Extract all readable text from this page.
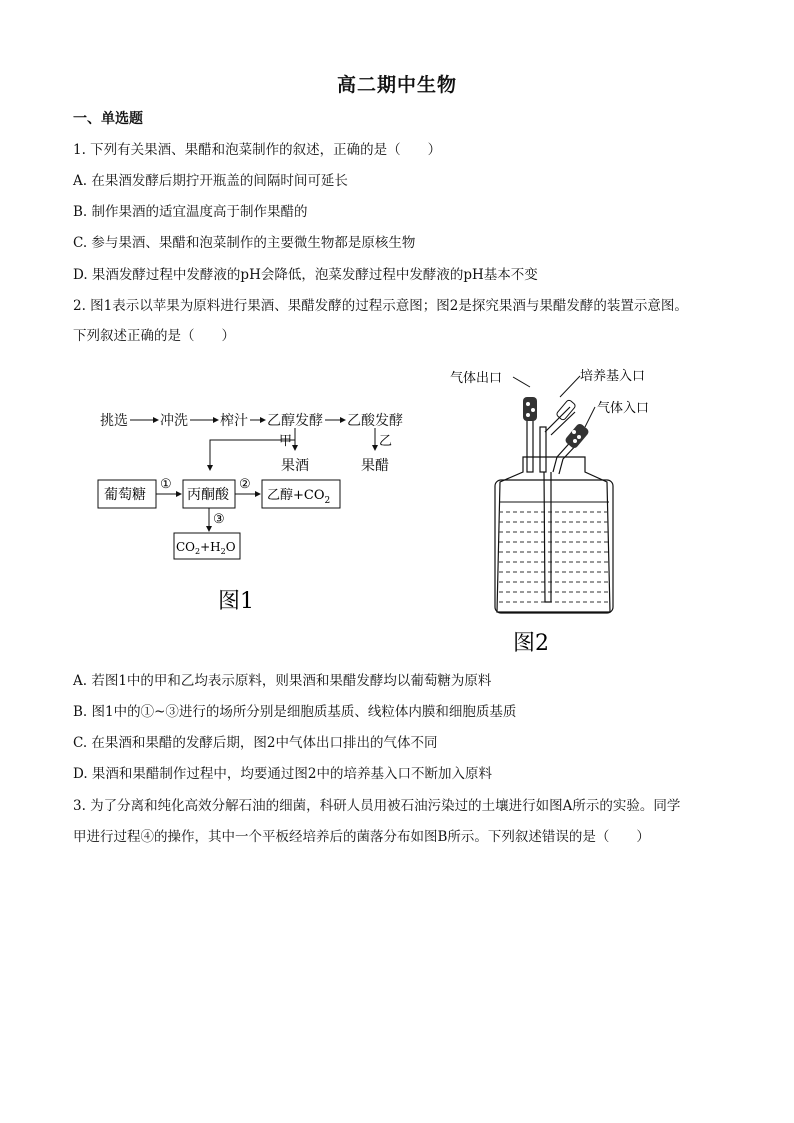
高二期中生物
一、单选题
1. 下列有关果酒、果醋和泡菜制作的叙述，正确的是（　　）
A. 在果酒发酵后期拧开瓶盖的间隔时间可延长
B. 制作果酒的适宜温度高于制作果醋的
C. 参与果酒、果醋和泡菜制作的主要微生物都是原核生物
D. 果酒发酵过程中发酵液的pH会降低，泡菜发酵过程中发酵液的pH基本不变
2. 图1表示以苹果为原料进行果酒、果醋发酵的过程示意图；图2是探究果酒与果醋发酵的装置示意图。
下列叙述正确的是（　　）
挑选 冲洗 榨汁 乙醇发酵 乙酸发酵
甲	乙
果酒	果醋
葡萄糖
①
丙酮酸
②
乙醇$+CO_2$
③
$CO_2+H_2O$
图1
气体出口	培养基入口
气体入口
图2
A. 若图1中的甲和乙均表示原料，则果酒和果醋发酵均以葡萄糖为原料
B. 图1中的①~③进行的场所分别是细胞质基质、线粒体内膜和细胞质基质
C. 在果酒和果醋的发酵后期，图2中气体出口排出的气体不同
D. 果酒和果醋制作过程中，均要通过图2中的培养基入口不断加入原料
3. 为了分离和纯化高效分解石油的细菌，科研人员用被石油污染过的土壤进行如图A所示的实验。同学
甲进行过程④的操作，其中一个平板经培养后的菌落分布如图B所示。下列叙述错误的是（　　）
